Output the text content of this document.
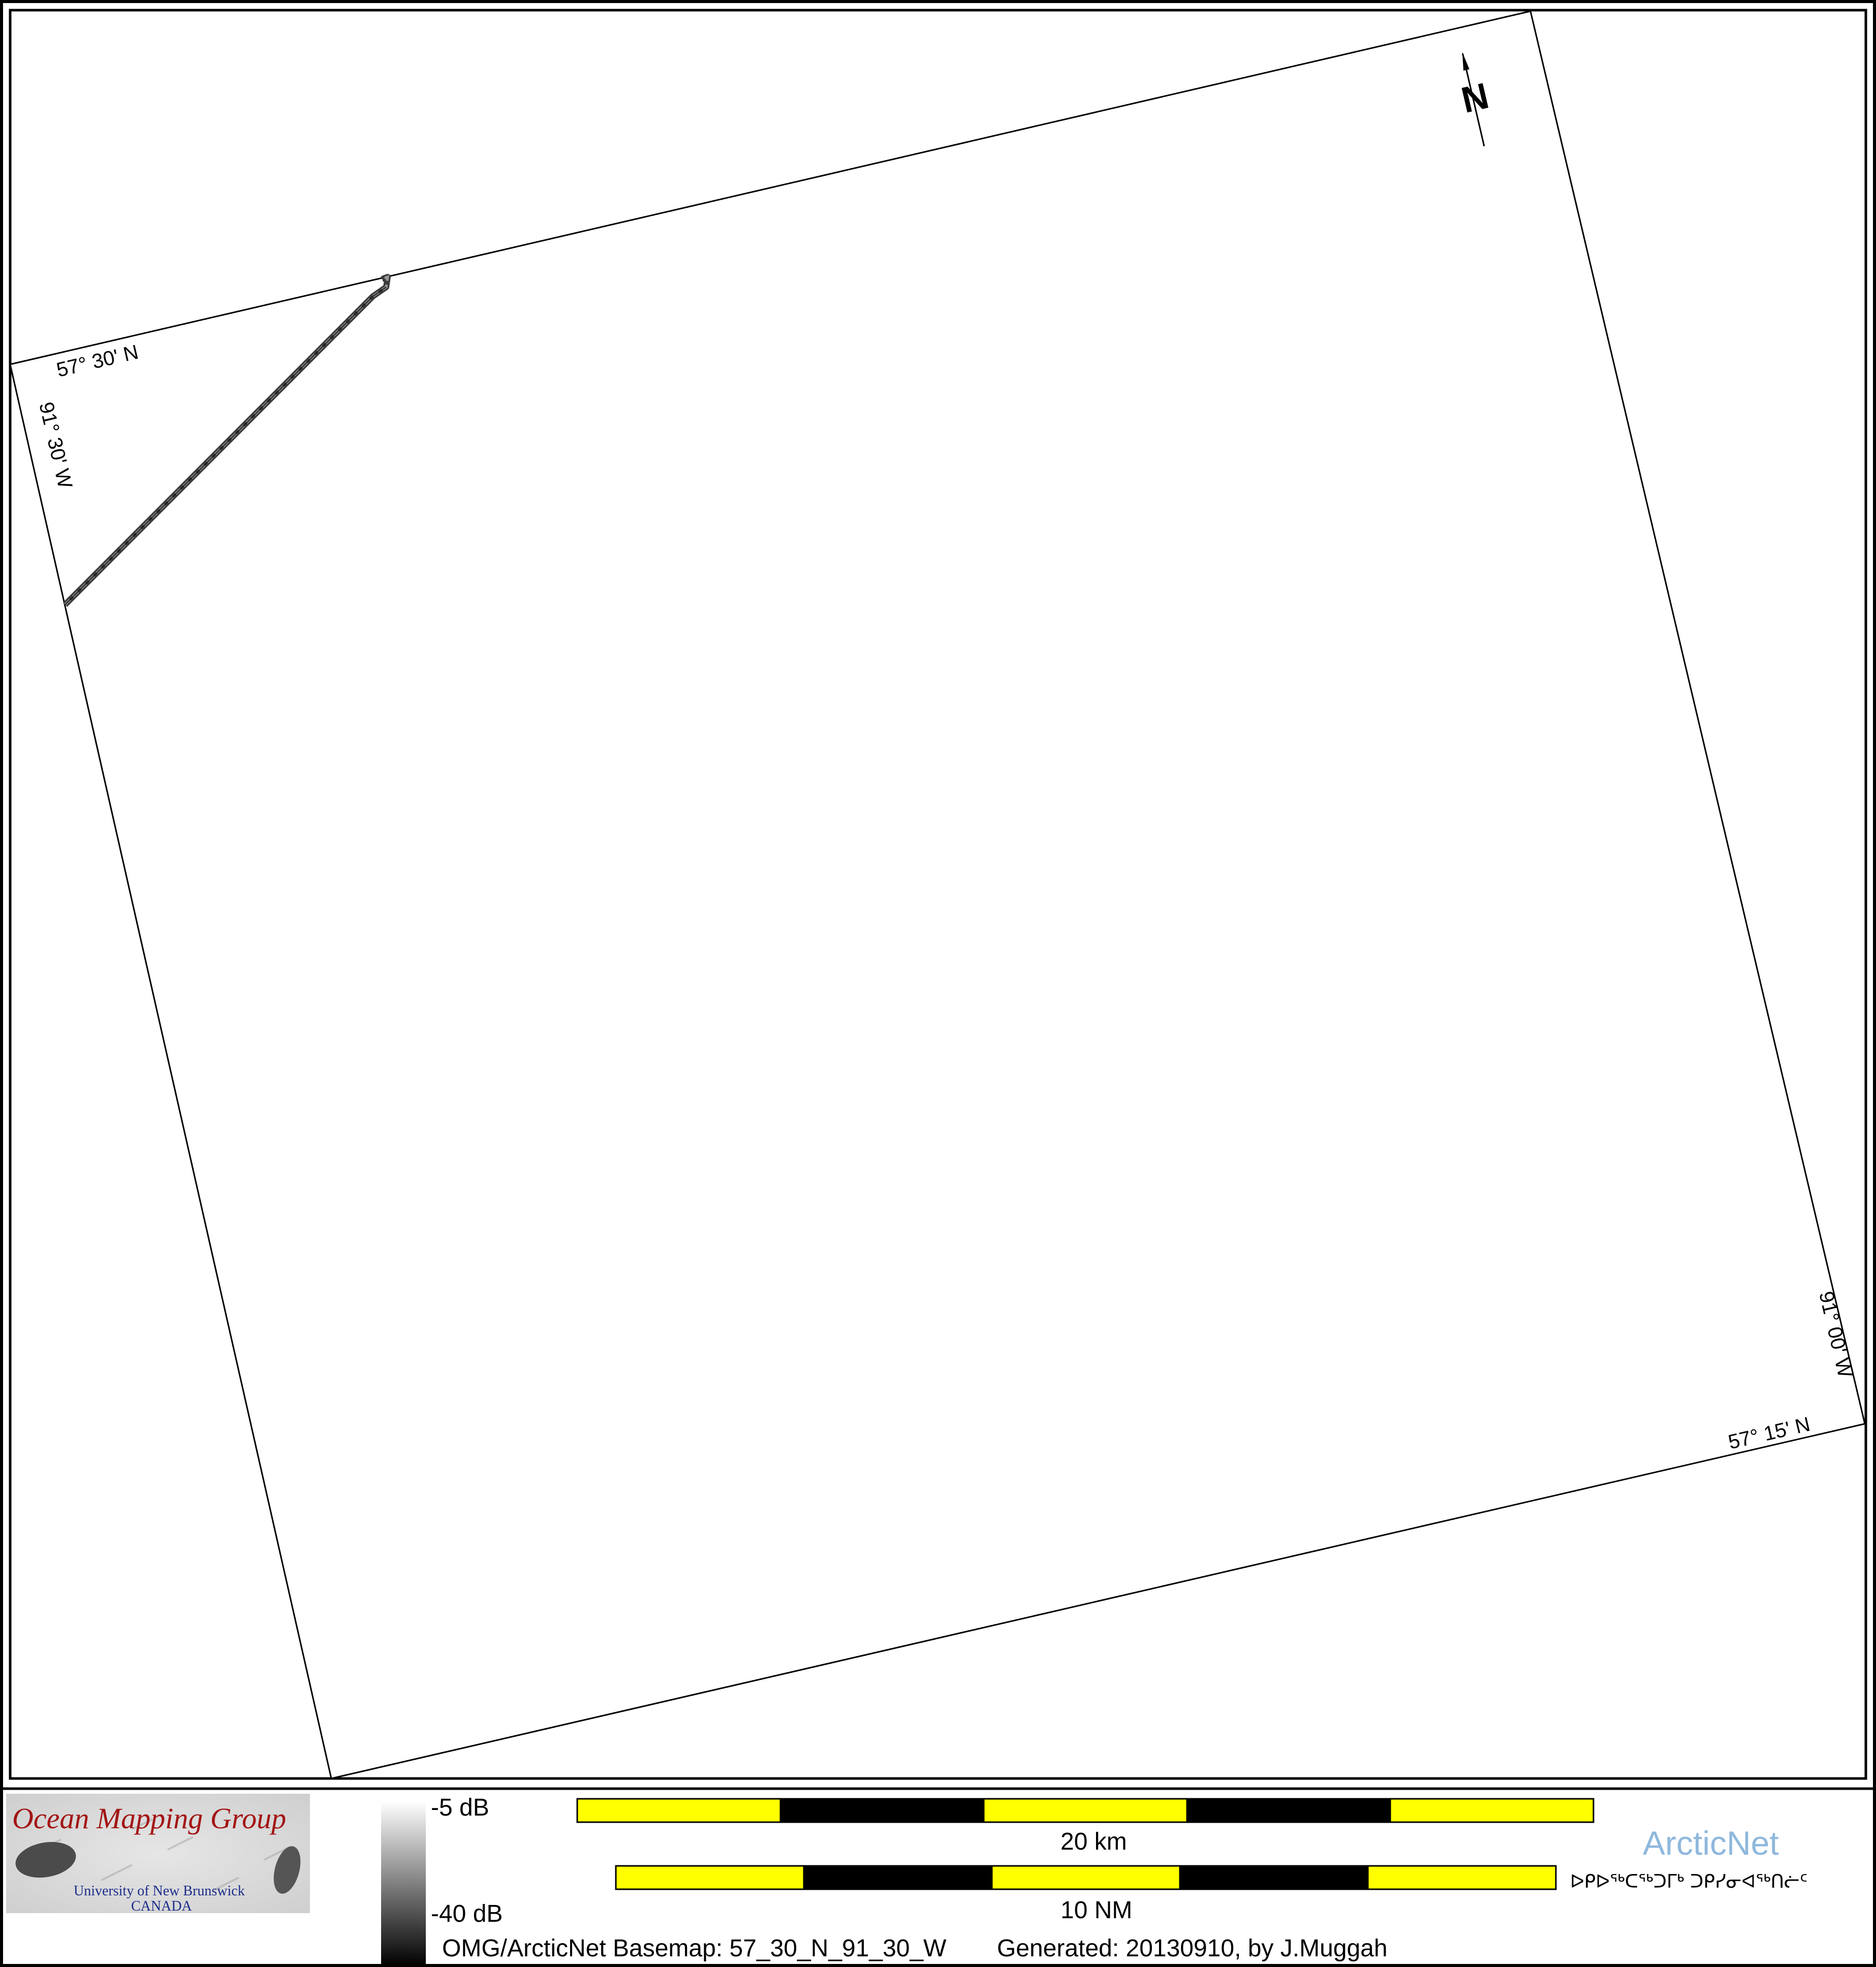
57° 30' N
57° 15' N
91° 30' W
91° 00' W
N
Ocean Mapping Group
University of New Brunswick
CANADA
-5 dB
-40 dB
20 km
10 NM
ArcticNet
ᐅᑭᐅᖅᑕᖅᑐᒥᒃ ᑐᑭᓯᓂᐊᖅᑎᓖᑦ
OMG/ArcticNet Basemap: 57_30_N_91_30_W Generated: 20130910, by J.Muggah
